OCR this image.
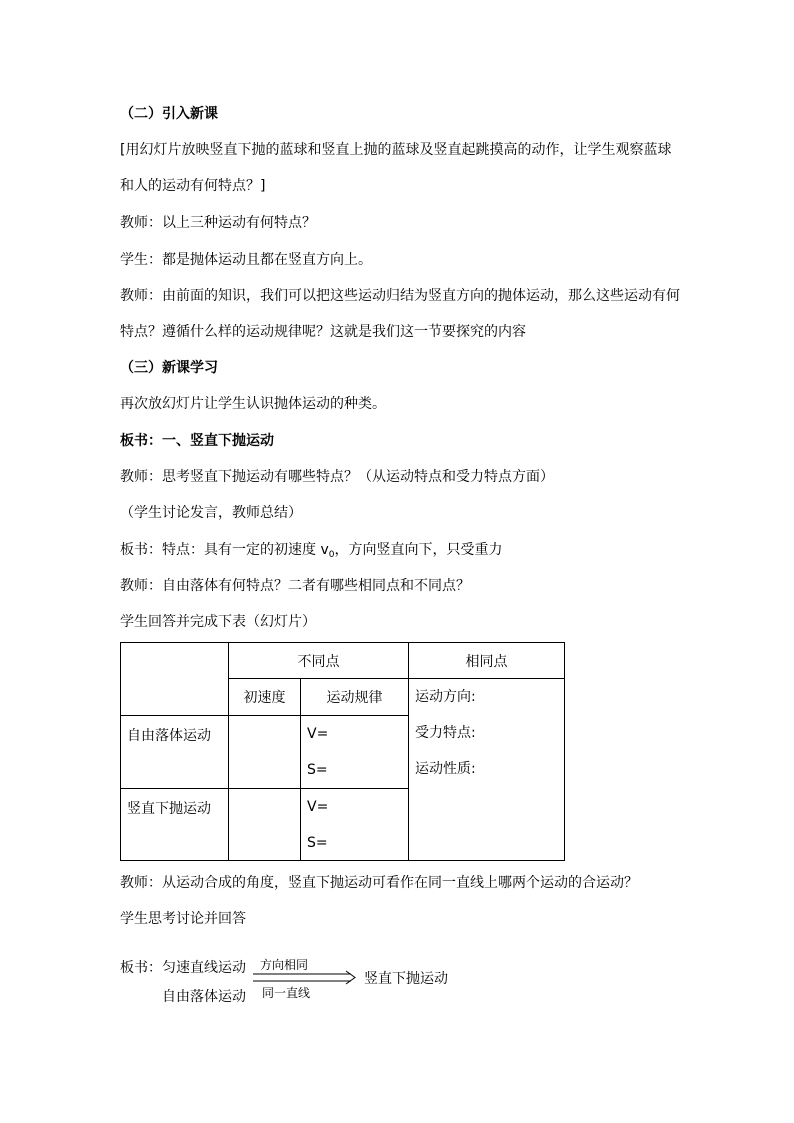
（二）引入新课
[用幻灯片放映竖直下抛的蓝球和竖直上抛的蓝球及竖直起跳摸高的动作，让学生观察蓝球
和人的运动有何特点？]
教师：以上三种运动有何特点？
学生：都是抛体运动且都在竖直方向上。
教师：由前面的知识，我们可以把这些运动归结为竖直方向的抛体运动，那么这些运动有何
特点？遵循什么样的运动规律呢？这就是我们这一节要探究的内容
（三）新课学习
再次放幻灯片让学生认识抛体运动的种类。
板书：一、竖直下抛运动
教师：思考竖直下抛运动有哪些特点？（从运动特点和受力特点方面）
（学生讨论发言，教师总结）
板书：特点：具有一定的初速度 $v_0$，方向竖直向下，只受重力
教师：自由落体有何特点？二者有哪些相同点和不同点？
学生回答并完成下表（幻灯片）
	不同点		相同点
	初速度	运动规律	运动方向:
受力特点:
运动性质:

自由落体运动		V=
S=	

竖直下抛运动		V=
S=	
教师：从运动合成的角度，竖直下抛运动可看作在同一直线上哪两个运动的合运动？
学生思考讨论并回答
板书： 匀速直线运动
自由落体运动
方向相同
同一直线
竖直下抛运动
